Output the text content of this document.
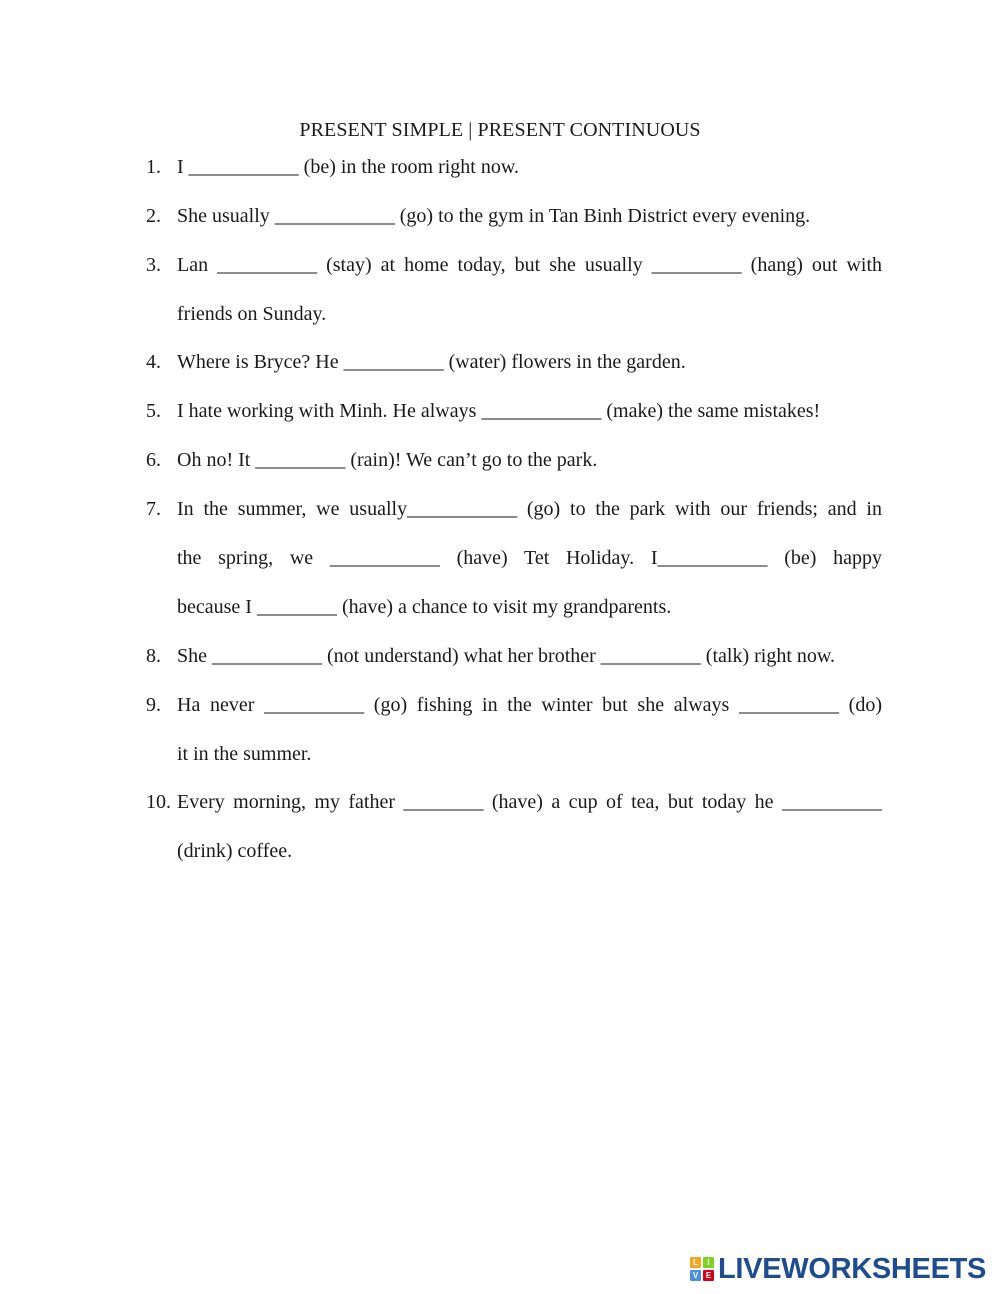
PRESENT SIMPLE | PRESENT CONTINUOUS
1. I ___________ (be) in the room right now.
2. She usually ____________ (go) to the gym in Tan Binh District every evening.
3. Lan __________ (stay) at home today, but she usually _________ (hang) out with
friends on Sunday.
4. Where is Bryce? He __________ (water) flowers in the garden.
5. I hate working with Minh. He always ____________ (make) the same mistakes!
6. Oh no! It _________ (rain)! We can’t go to the park.
7. In the summer, we usually___________ (go) to the park with our friends; and in
the spring, we ___________ (have) Tet Holiday. I___________ (be) happy
because I ________ (have) a chance to visit my grandparents.
8. She ___________ (not understand) what her brother __________ (talk) right now.
9. Ha never __________ (go) fishing in the winter but she always __________ (do)
it in the summer.
10. Every morning, my father ________ (have) a cup of tea, but today he __________
(drink) coffee.
L	I
V E LIVEWORKSHEETS
